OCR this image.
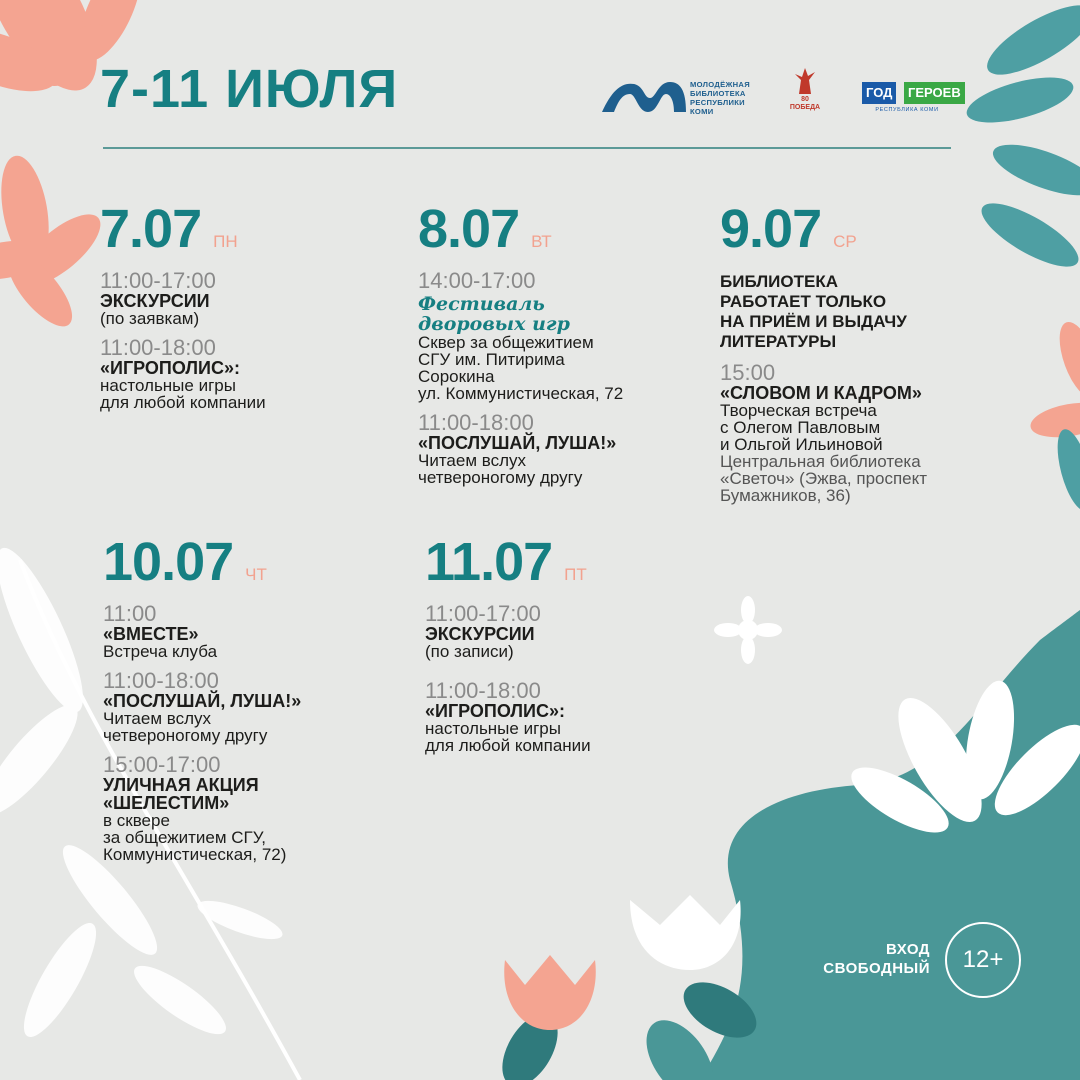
7-11 ИЮЛЯ	МОЛОДЁЖНАЯ
БИБЛИОТЕКА
РЕСПУБЛИКИ
КОМИ
80
ПОБЕДА
ГОД	ГЕРОЕВ
РЕСПУБЛИКА КОМИ
7.07 ПН
11:00-17:00
ЭКСКУРСИИ
(по заявкам)
11:00-18:00
«ИГРОПОЛИС»:
настольные игры
для любой компании
8.07 ВТ
14:00-17:00
Фестиваль
дворовых игр
Сквер за общежитием
СГУ им. Питирима
Сорокина
ул. Коммунистическая, 72
11:00-18:00
«ПОСЛУШАЙ, ЛУША!»
Читаем вслух
четвероногому другу
9.07 СР
БИБЛИОТЕКА
РАБОТАЕТ ТОЛЬКО
НА ПРИЁМ И ВЫДАЧУ
ЛИТЕРАТУРЫ
15:00
«СЛОВОМ И КАДРОМ»
Творческая встреча
с Олегом Павловым
и Ольгой Ильиновой
Центральная библиотека
«Светоч» (Эжва, проспект
Бумажников, 36)
10.07 ЧТ
11:00
«ВМЕСТЕ»
Встреча клуба
11:00-18:00
«ПОСЛУШАЙ, ЛУША!»
Читаем вслух
четвероногому другу
15:00-17:00
УЛИЧНАЯ АКЦИЯ
«ШЕЛЕСТИМ»
в сквере
за общежитием СГУ,
Коммунистическая, 72)
11.07 ПТ
11:00-17:00
ЭКСКУРСИИ
(по записи)
11:00-18:00
«ИГРОПОЛИС»:
настольные игры
для любой компании
ВХОД
СВОБОДНЫЙ	12+
